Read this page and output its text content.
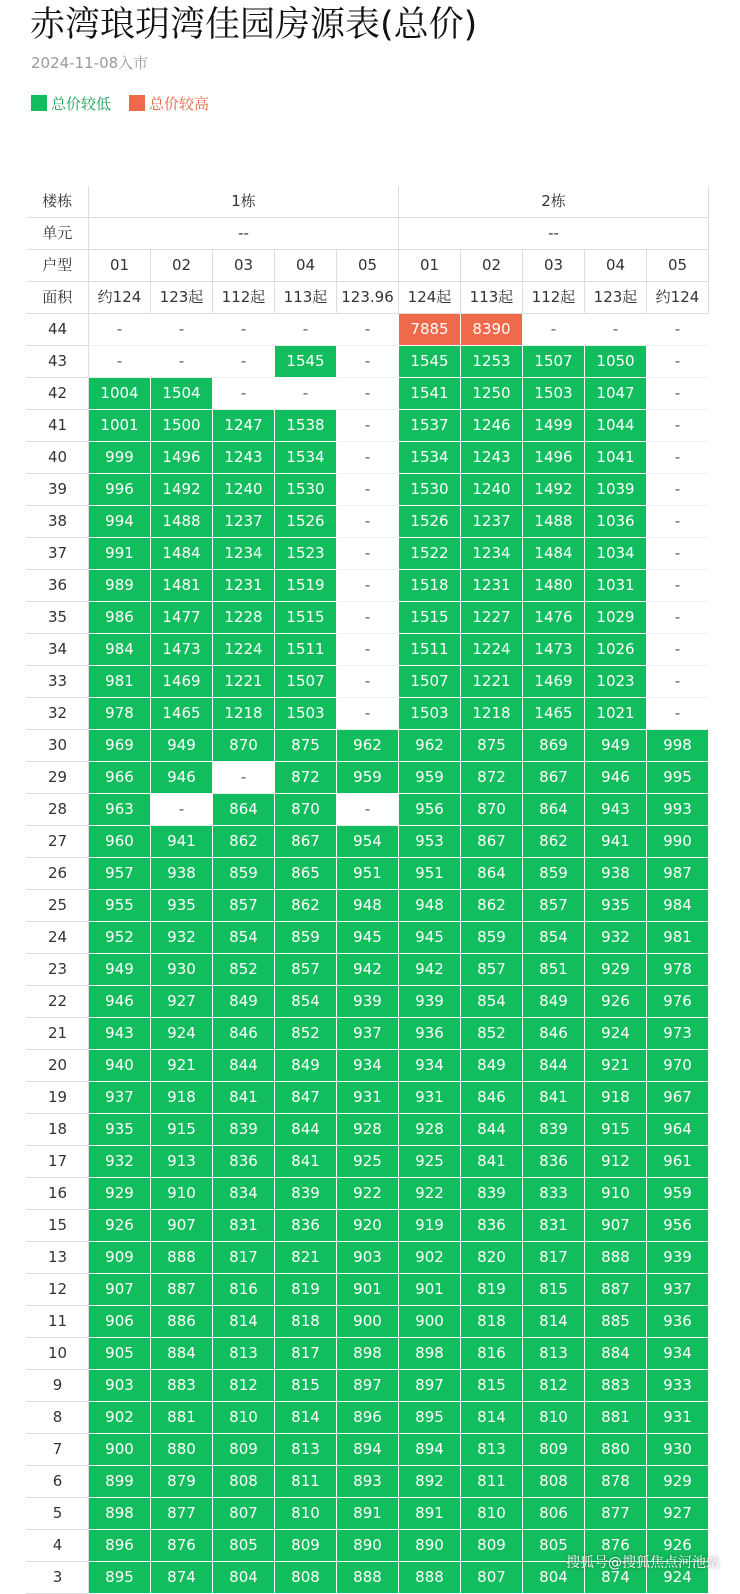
赤湾琅玥湾佳园房源表(总价)
2024-11-08入市
总价较低	总价较高
楼栋	1栋					2栋				
单元	--					--				
户型	01	02	03	04	05	01	02	03	04	05
面积	约124	123起	112起	113起	123.96	124起	113起	112起	123起	约124
44	-	-	-	-	-	7885	8390	-	-	-
43	-	-	-	1545	-	1545	1253	1507	1050	-
42	1004	1504	-	-	-	1541	1250	1503	1047	-
41	1001	1500	1247	1538	-	1537	1246	1499	1044	-
40	999	1496	1243	1534	-	1534	1243	1496	1041	-
39	996	1492	1240	1530	-	1530	1240	1492	1039	-
38	994	1488	1237	1526	-	1526	1237	1488	1036	-
37	991	1484	1234	1523	-	1522	1234	1484	1034	-
36	989	1481	1231	1519	-	1518	1231	1480	1031	-
35	986	1477	1228	1515	-	1515	1227	1476	1029	-
34	984	1473	1224	1511	-	1511	1224	1473	1026	-
33	981	1469	1221	1507	-	1507	1221	1469	1023	-
32	978	1465	1218	1503	-	1503	1218	1465	1021	-
30	969	949	870	875	962	962	875	869	949	998
29	966	946	-	872	959	959	872	867	946	995
28	963	-	864	870	-	956	870	864	943	993
27	960	941	862	867	954	953	867	862	941	990
26	957	938	859	865	951	951	864	859	938	987
25	955	935	857	862	948	948	862	857	935	984
24	952	932	854	859	945	945	859	854	932	981
23	949	930	852	857	942	942	857	851	929	978
22	946	927	849	854	939	939	854	849	926	976
21	943	924	846	852	937	936	852	846	924	973
20	940	921	844	849	934	934	849	844	921	970
19	937	918	841	847	931	931	846	841	918	967
18	935	915	839	844	928	928	844	839	915	964
17	932	913	836	841	925	925	841	836	912	961
16	929	910	834	839	922	922	839	833	910	959
15	926	907	831	836	920	919	836	831	907	956
13	909	888	817	821	903	902	820	817	888	939
12	907	887	816	819	901	901	819	815	887	937
11	906	886	814	818	900	900	818	814	885	936
10	905	884	813	817	898	898	816	813	884	934
9	903	883	812	815	897	897	815	812	883	933
8	902	881	810	814	896	895	814	810	881	931
7	900	880	809	813	894	894	813	809	880	930
6	899	879	808	811	893	892	811	808	878	929
5	898	877	807	810	891	891	810	806	877	927
4	896	876	805	809	890	890	809	805	876	926
3	895	874	804	808	888	888	807	804	874	924
搜狐号@搜狐焦点河池站
